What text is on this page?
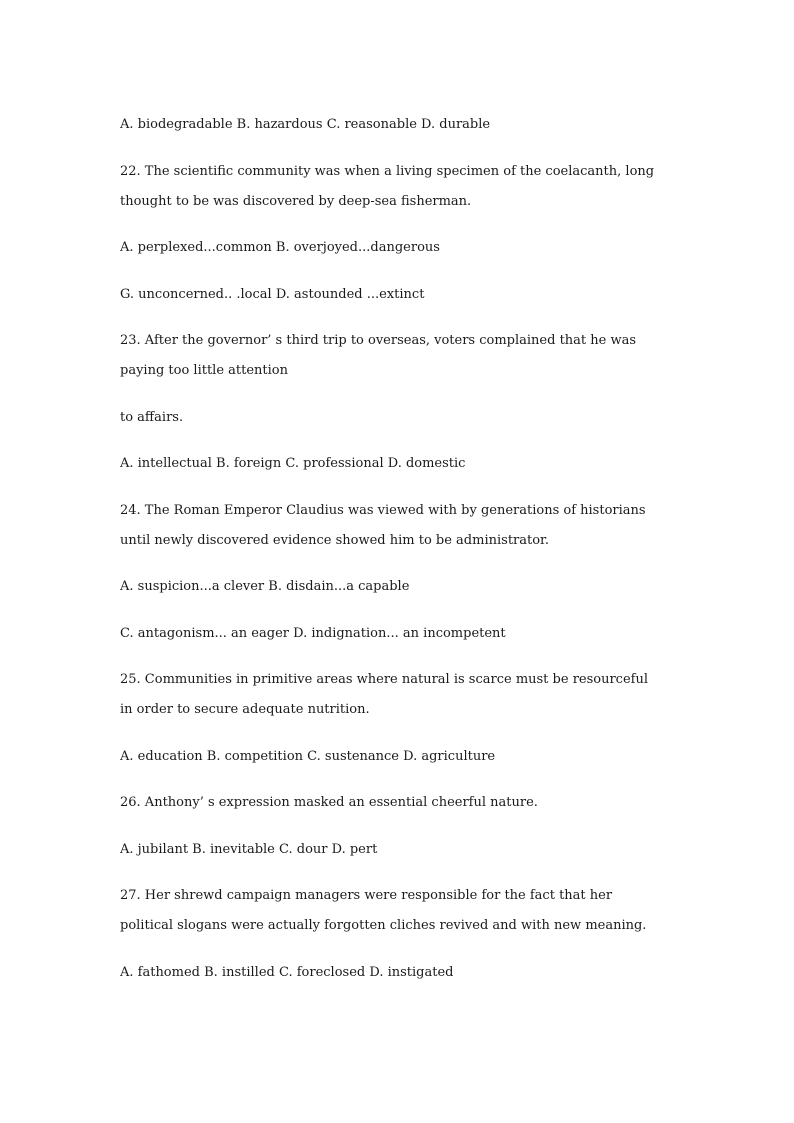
A. biodegradable B. hazardous C. reasonable D. durable

22. The scientific community was when a living specimen of the coelacanth, long
thought to be was discovered by deep-sea fisherman.

A. perplexed...common B. overjoyed...dangerous

G. unconcerned.. .local D. astounded ...extinct

23. After the governor’ s third trip to overseas, voters complained that he was
paying too little attention

to affairs.

A. intellectual B. foreign C. professional D. domestic

24. The Roman Emperor Claudius was viewed with by generations of historians
until newly discovered evidence showed him to be administrator.

A. suspicion...a clever B. disdain...a capable

C. antagonism... an eager D. indignation... an incompetent

25. Communities in primitive areas where natural is scarce must be resourceful
in order to secure adequate nutrition.

A. education B. competition C. sustenance D. agriculture

26. Anthony’ s expression masked an essential cheerful nature.

A. jubilant B. inevitable C. dour D. pert

27. Her shrewd campaign managers were responsible for the fact that her
political slogans were actually forgotten cliches revived and with new meaning.

A. fathomed B. instilled C. foreclosed D. instigated
